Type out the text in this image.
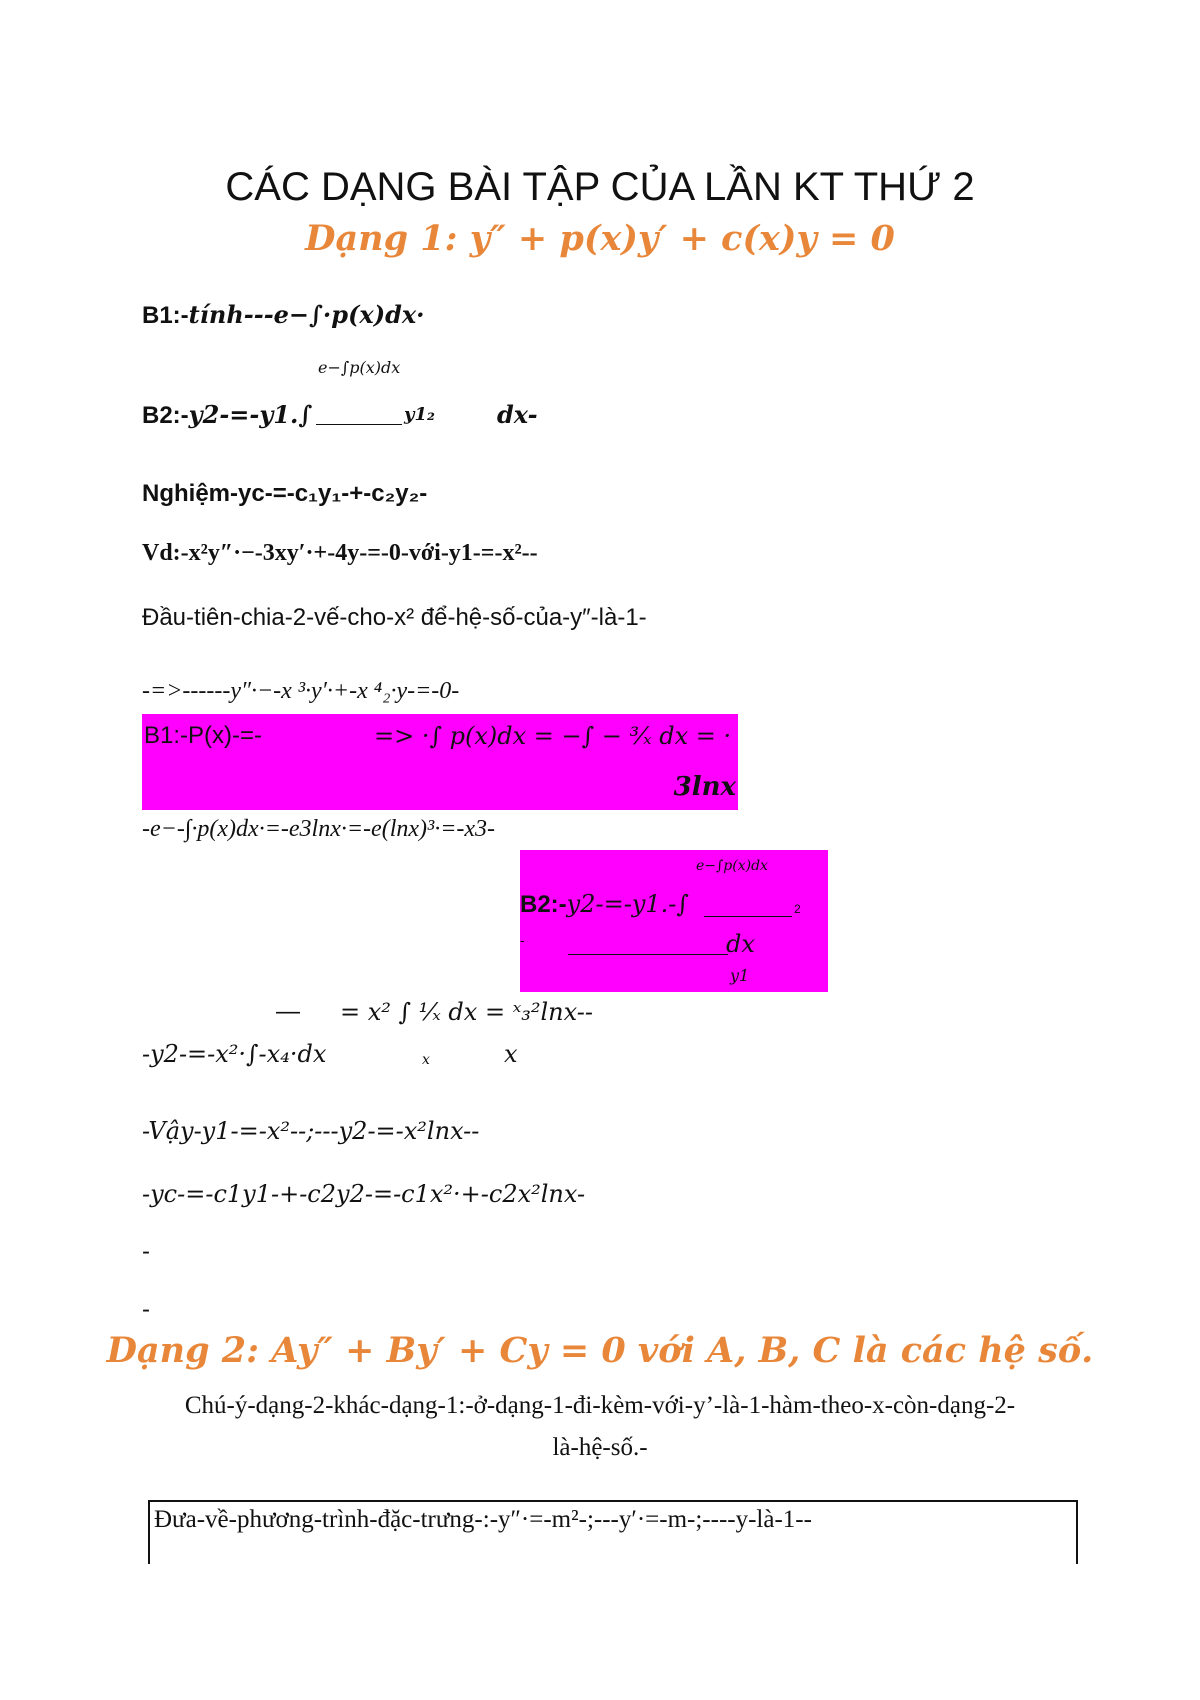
CÁC DẠNG BÀI TẬP CỦA LẦN KT THỨ 2
Dạng 1: y″ + p(x)y′ + c(x)y = 0
B1:-tính---e−∫·p(x)dx·
e−∫p(x)dx
B2:-y2-=-y1.∫	y1₂	dx-
Nghiệm-yc-=-c₁y₁-+-c₂y₂-
Vd:-x²y″·−-3xy′·+-4y-=-0-với-y1-=-x²--
Đầu-tiên-chia-2-vế-cho-x² để-hệ-số-của-y″-là-1-
-=>------y″·−-x ³·y′·+-x ⁴₂·y-=-0-
B1:-P(x)-=-	=> ·∫ p(x)dx = −∫ − ³⁄ₓ dx = ·
3lnx
-e−-∫·p(x)dx·=-e3lnx·=-e(lnx)³·=-x3-
e−∫p(x)dx
B2:-y2-=-y1.-∫	2
-	dx
y1
— = x² ∫ ¹⁄ₓ dx = ˣ₃²lnx--
-y2-=-x²·∫-x₄·dx	x	x
-Vậy-y1-=-x²--;---y2-=-x²lnx--
-yc-=-c1y1-+-c2y2-=-c1x²·+-c2x²lnx-
-
-
Dạng 2: Ay″ + By′ + Cy = 0 với A, B, C là các hệ số.
Chú-ý-dạng-2-khác-dạng-1:-ở-dạng-1-đi-kèm-với-y’-là-1-hàm-theo-x-còn-dạng-2-
là-hệ-số.-
Đưa-về-phương-trình-đặc-trưng-:-y″·=-m²-;---y′·=-m-;----y-là-1--
